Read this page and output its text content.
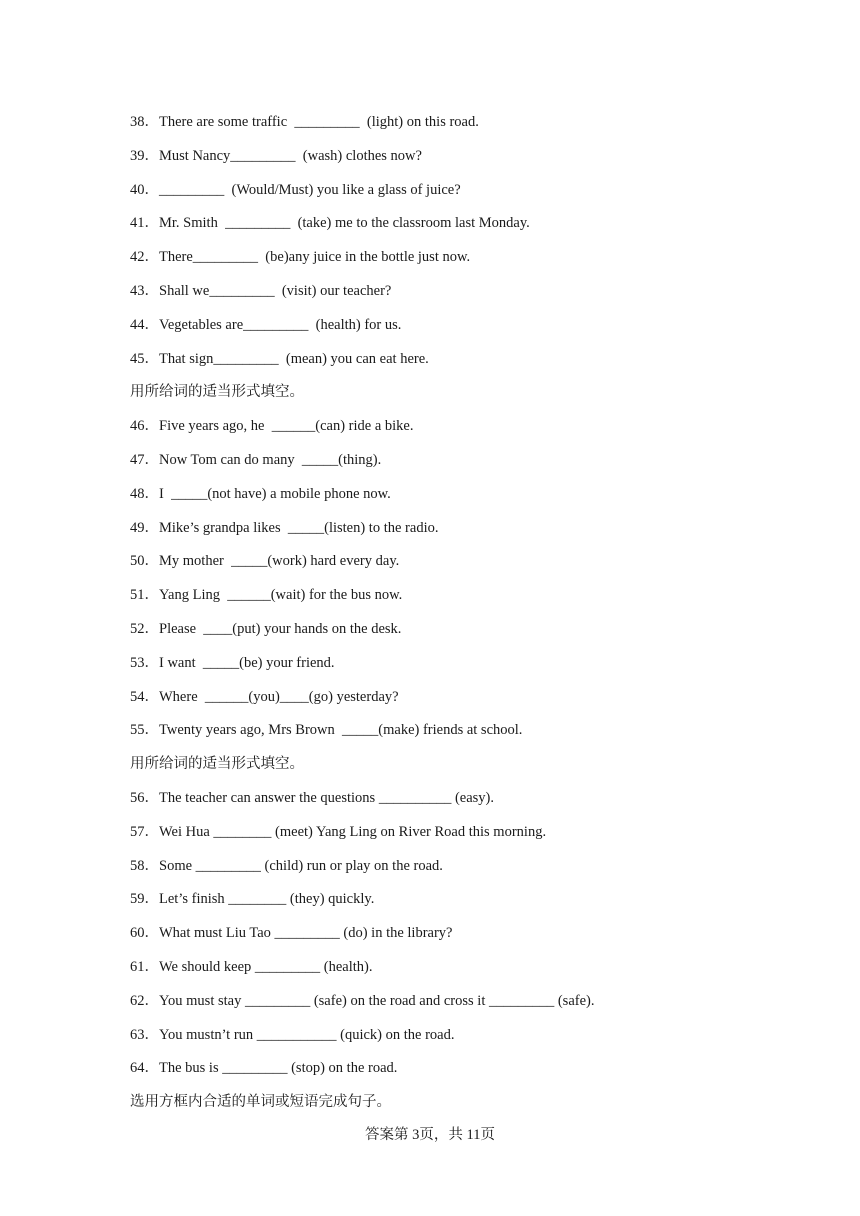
38．There are some traffic  _________  (light) on this road.
39．Must Nancy_________  (wash) clothes now?
40．_________  (Would/Must) you like a glass of juice?
41．Mr. Smith  _________  (take) me to the classroom last Monday.
42．There_________  (be)any juice in the bottle just now.
43．Shall we_________  (visit) our teacher?
44．Vegetables are_________  (health) for us.
45．That sign_________  (mean) you can eat here.
用所给词的适当形式填空。
46．Five years ago, he  ______(can) ride a bike.
47．Now Tom can do many  _____(thing).
48．I  _____(not have) a mobile phone now.
49．Mike’s grandpa likes  _____(listen) to the radio.
50．My mother  _____(work) hard every day.
51．Yang Ling  ______(wait) for the bus now.
52．Please  ____(put) your hands on the desk.
53．I want  _____(be) your friend.
54．Where  ______(you)____(go) yesterday?
55．Twenty years ago, Mrs Brown  _____(make) friends at school.
用所给词的适当形式填空。
56．The teacher can answer the questions __________ (easy).
57．Wei Hua ________ (meet) Yang Ling on River Road this morning.
58．Some _________ (child) run or play on the road.
59．Let’s finish ________ (they) quickly.
60．What must Liu Tao _________ (do) in the library?
61．We should keep _________ (health).
62．You must stay _________ (safe) on the road and cross it _________ (safe).
63．You mustn’t run ___________ (quick) on the road.
64．The bus is _________ (stop) on the road.
选用方框内合适的单词或短语完成句子。
答案第 3页，共 11页
